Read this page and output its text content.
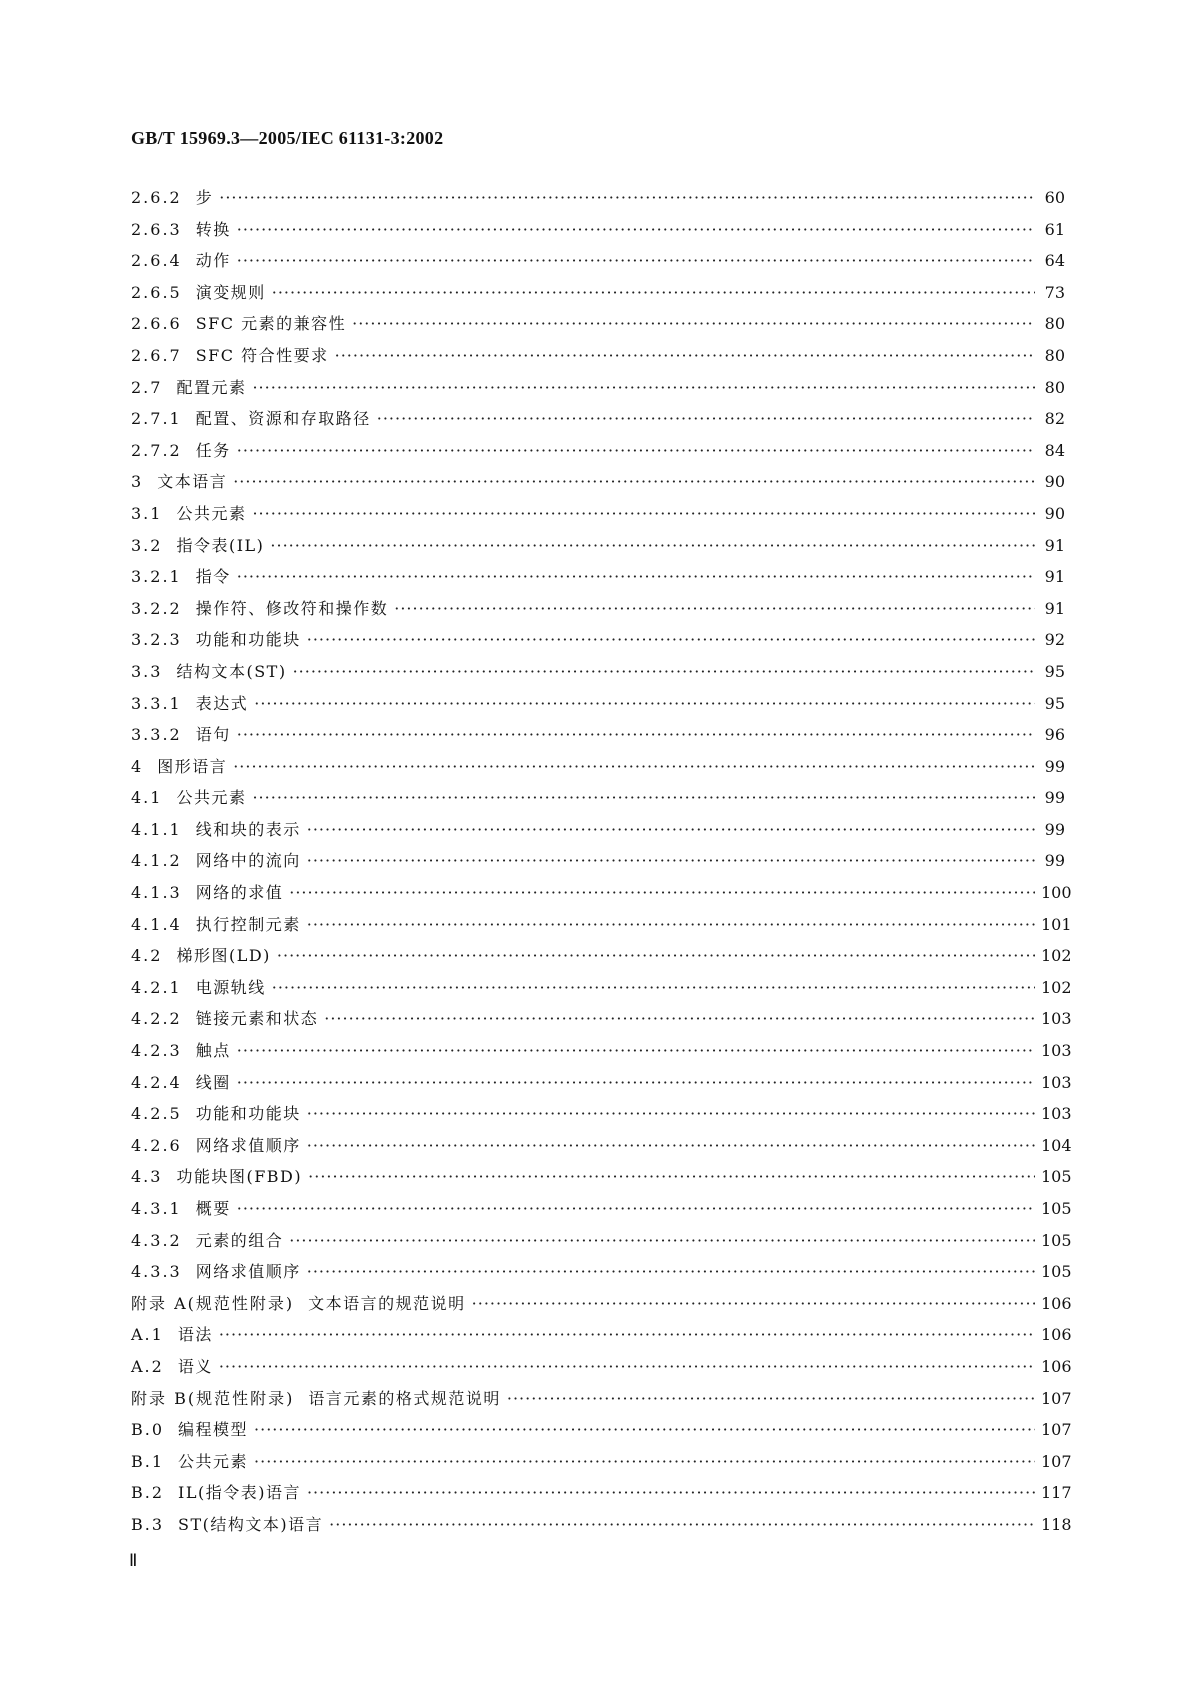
GB/T 15969.3—2005/IEC 61131-3:2002
2.6.2 步 ·····	60
2.6.3 转换 ·····	61
2.6.4 动作 ·····	64
2.6.5 演变规则 ·····	73
2.6.6 SFC 元素的兼容性 ·····	80
2.6.7 SFC 符合性要求 ·····	80
2.7 配置元素 ·····	80
2.7.1 配置、资源和存取路径 ·····	82
2.7.2 任务 ·····	84
3 文本语言 ·····	90
3.1 公共元素 ·····	90
3.2 指令表(IL) ·····	91
3.2.1 指令 ·····	91
3.2.2 操作符、修改符和操作数 ·····	91
3.2.3 功能和功能块 ·····	92
3.3 结构文本(ST) ·····	95
3.3.1 表达式 ·····	95
3.3.2 语句 ·····	96
4 图形语言 ·····	99
4.1 公共元素 ·····	99
4.1.1 线和块的表示 ·····	99
4.1.2 网络中的流向 ·····	99
4.1.3 网络的求值 ·····	100
4.1.4 执行控制元素 ·····	101
4.2 梯形图(LD) ·····	102
4.2.1 电源轨线 ·····	102
4.2.2 链接元素和状态 ·····	103
4.2.3 触点 ·····	103
4.2.4 线圈 ·····	103
4.2.5 功能和功能块 ·····	103
4.2.6 网络求值顺序 ·····	104
4.3 功能块图(FBD) ·····	105
4.3.1 概要 ·····	105
4.3.2 元素的组合 ·····	105
4.3.3 网络求值顺序 ·····	105
附录 A(规范性附录) 文本语言的规范说明 ·····	106
A.1 语法 ·····	106
A.2 语义 ·····	106
附录 B(规范性附录) 语言元素的格式规范说明 ·····	107
B.0 编程模型 ·····	107
B.1 公共元素 ·····	107
B.2 IL(指令表)语言 ·····	117
B.3 ST(结构文本)语言 ·····	118
Ⅱ
